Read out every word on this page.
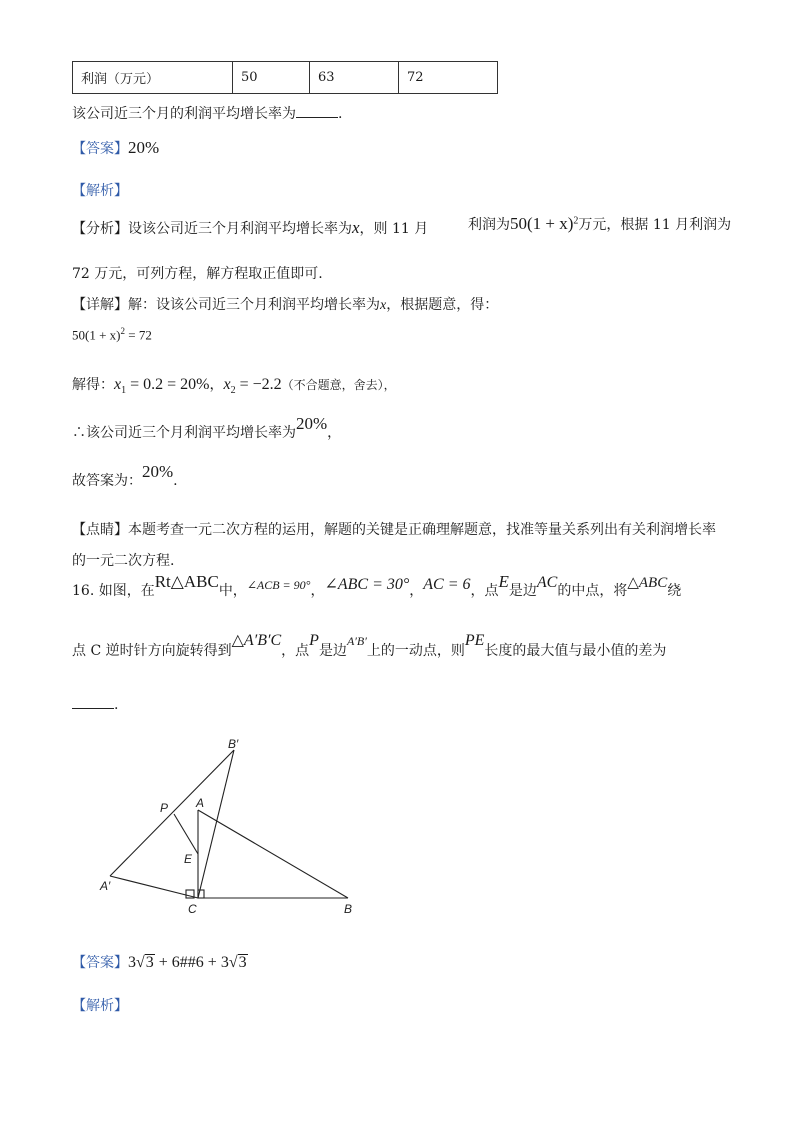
利润（万元）	50	63	72
该公司近三个月的利润平均增长率为	.
【答案】20%
【解析】
【分析】设该公司近三个月利润平均增长率为x，则 11 月	利润为$50(1 + x)^2$万元，根据 11 月利润为
72 万元，可列方程，解方程取正值即可.
【详解】解：设该公司近三个月利润平均增长率为x，根据题意，得：
$50(1 + x)^2 = 72$
解得：$x_1 = 0.2 = 20\%$，$x_2 = -2.2$（不合题意，舍去），
∴该公司近三个月利润平均增长率为20%，
故答案为：20%.
【点睛】本题考查一元二次方程的运用，解题的关键是正确理解题意，找准等量关系列出有关利润增长率
的一元二次方程.
16. 如图，在Rt△ABC中，∠ACB = 90°，∠ABC = 30°，AC = 6，点E是边AC的中点，将△ABC绕
点 C 逆时针方向旋转得到△A′B′C，点P是边A′B′上的一动点，则PE长度的最大值与最小值的差为
.
B′
P A
E
A′
C	B
【答案】3√3 + 6##6 + 3√3
【解析】
